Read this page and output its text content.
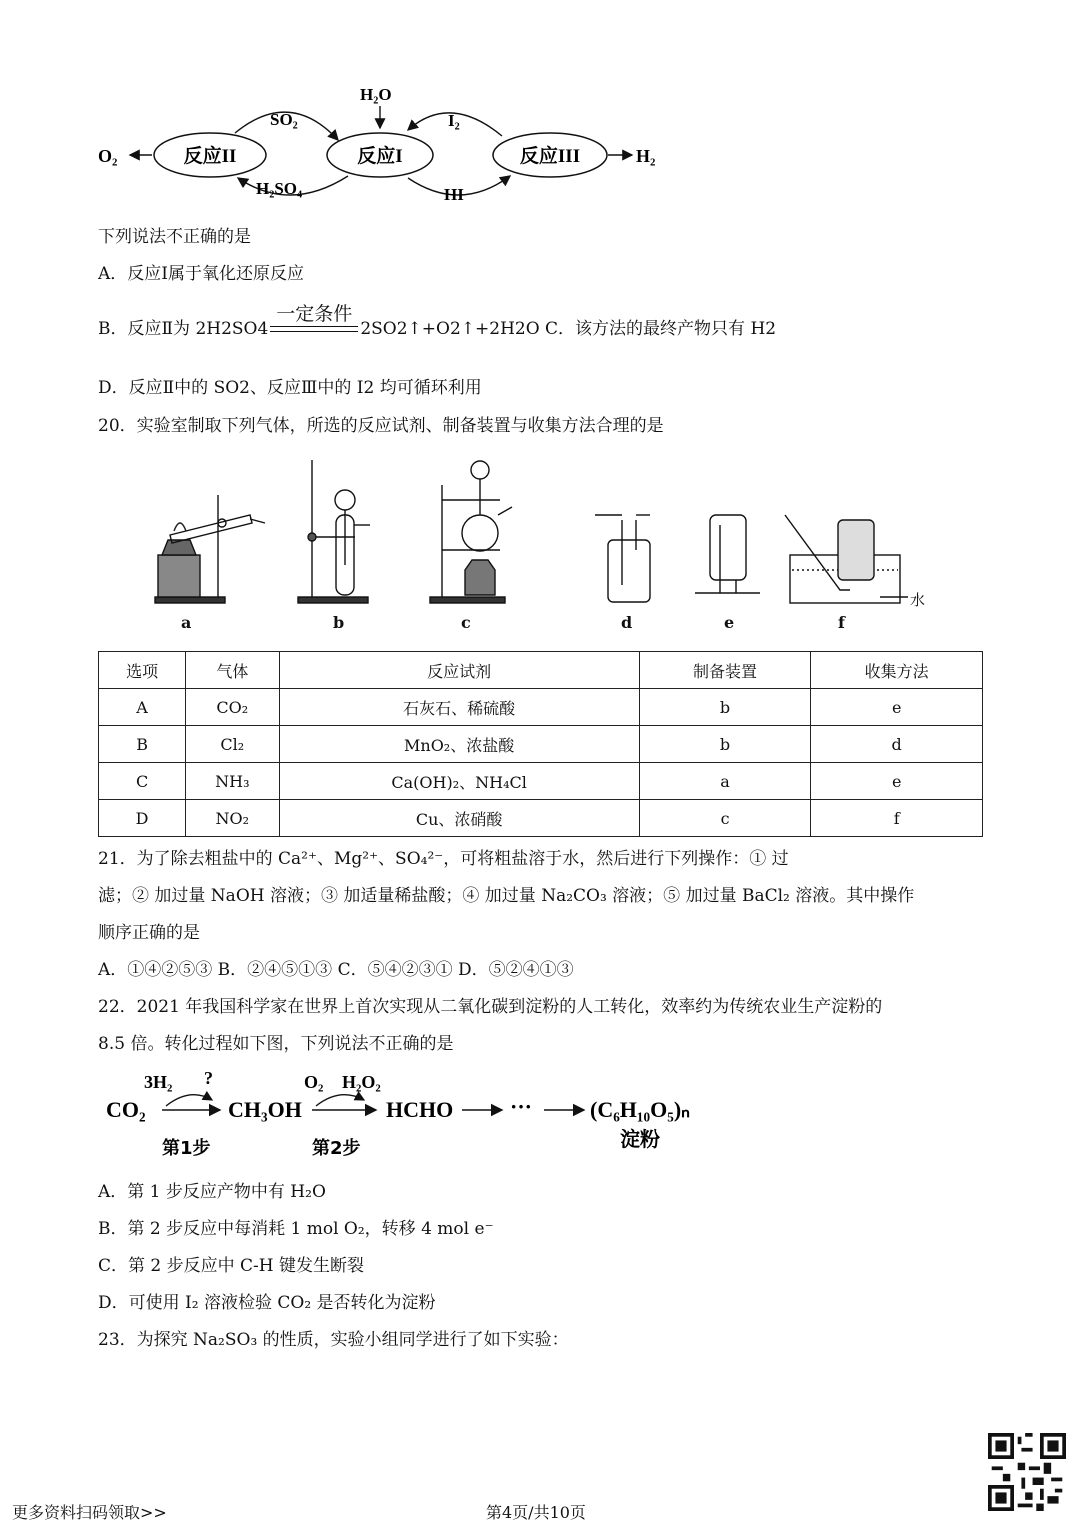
反应II	反应I	反应III
O₂	H₂
SO₂
H₂SO₄
H₂O
I₂
HI
下列说法不正确的是
A．反应Ⅰ属于氧化还原反应
B．反应Ⅱ为 2H2SO4
一定条件
2SO2↑+O2↑+2H2O C．该方法的最终产物只有 H2
D．反应Ⅱ中的 SO2、反应Ⅲ中的 I2 均可循环利用
20．实验室制取下列气体，所选的反应试剂、制备装置与收集方法合理的是
水
a	b	c	d	e	f
选项	气体	反应试剂	制备装置	收集方法
A	CO₂	石灰石、稀硫酸	b	e
B	Cl₂	MnO₂、浓盐酸	b	d
C	NH₃	Ca(OH)₂、NH₄Cl	a	e
D	NO₂	Cu、浓硝酸	c	f
21．为了除去粗盐中的 Ca²⁺、Mg²⁺、SO₄²⁻，可将粗盐溶于水，然后进行下列操作：① 过
滤；② 加过量 NaOH 溶液；③ 加适量稀盐酸；④ 加过量 Na₂CO₃ 溶液；⑤ 加过量 BaCl₂ 溶液。其中操作
顺序正确的是
A．①④②⑤③ B．②④⑤①③ C．⑤④②③① D．⑤②④①③
22．2021 年我国科学家在世界上首次实现从二氧化碳到淀粉的人工转化，效率约为传统农业生产淀粉的
8.5 倍。转化过程如下图，下列说法不正确的是
CO₂
3H₂ ?
CH₃OH
O₂ H₂O₂
HCHO	···	(C₆H₁₀O₅)ₙ
淀粉
第1步	第2步
A．第 1 步反应产物中有 H₂O
B．第 2 步反应中每消耗 1 mol O₂，转移 4 mol e⁻
C．第 2 步反应中 C-H 键发生断裂
D．可使用 I₂ 溶液检验 CO₂ 是否转化为淀粉
23．为探究 Na₂SO₃ 的性质，实验小组同学进行了如下实验：
更多资料扫码领取>>	第4页/共10页
